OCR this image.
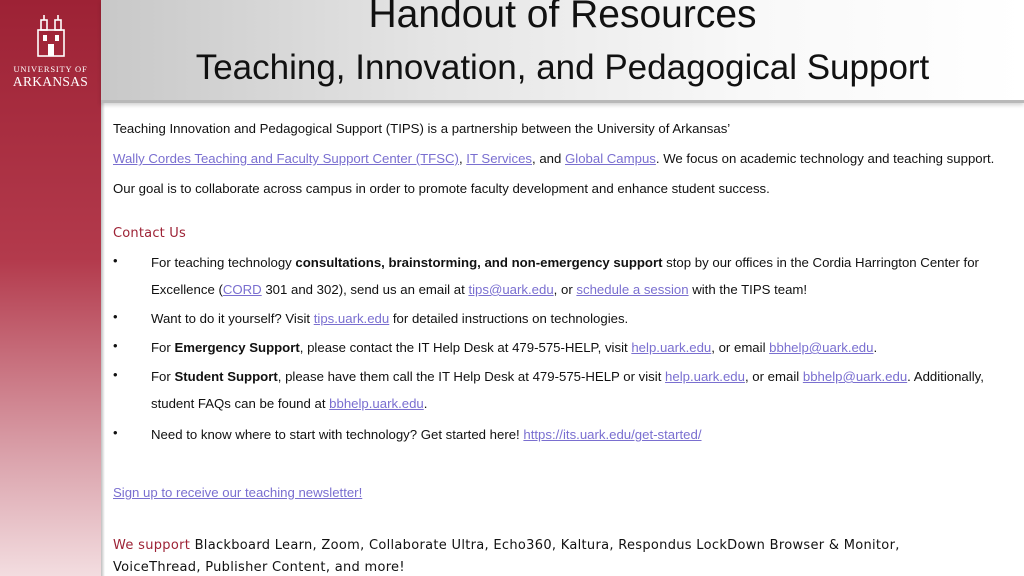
UNIVERSITY OF
ARKANSAS
Handout of Resources
Teaching, Innovation, and Pedagogical Support
Teaching Innovation and Pedagogical Support (TIPS) is a partnership between the University of Arkansas’
Wally Cordes Teaching and Faculty Support Center (TFSC), IT Services, and Global Campus. We focus on academic technology and teaching support.
Our goal is to collaborate across campus in order to promote faculty development and enhance student success.
Contact Us
•	For teaching technology consultations, brainstorming, and non-emergency support stop by our offices in the Cordia Harrington Center for Excellence (CORD 301 and 302), send us an email at tips@uark.edu, or schedule a session with the TIPS team!
•	Want to do it yourself? Visit tips.uark.edu for detailed instructions on technologies.
•	For Emergency Support, please contact the IT Help Desk at 479-575-HELP, visit help.uark.edu, or email bbhelp@uark.edu.
•	For Student Support, please have them call the IT Help Desk at 479-575-HELP or visit help.uark.edu, or email bbhelp@uark.edu. Additionally, student FAQs can be found at bbhelp.uark.edu.
•	Need to know where to start with technology? Get started here! https://its.uark.edu/get-started/
Sign up to receive our teaching newsletter!
We support Blackboard Learn, Zoom, Collaborate Ultra, Echo360, Kaltura, Respondus LockDown Browser & Monitor, VoiceThread, Publisher Content, and more!
